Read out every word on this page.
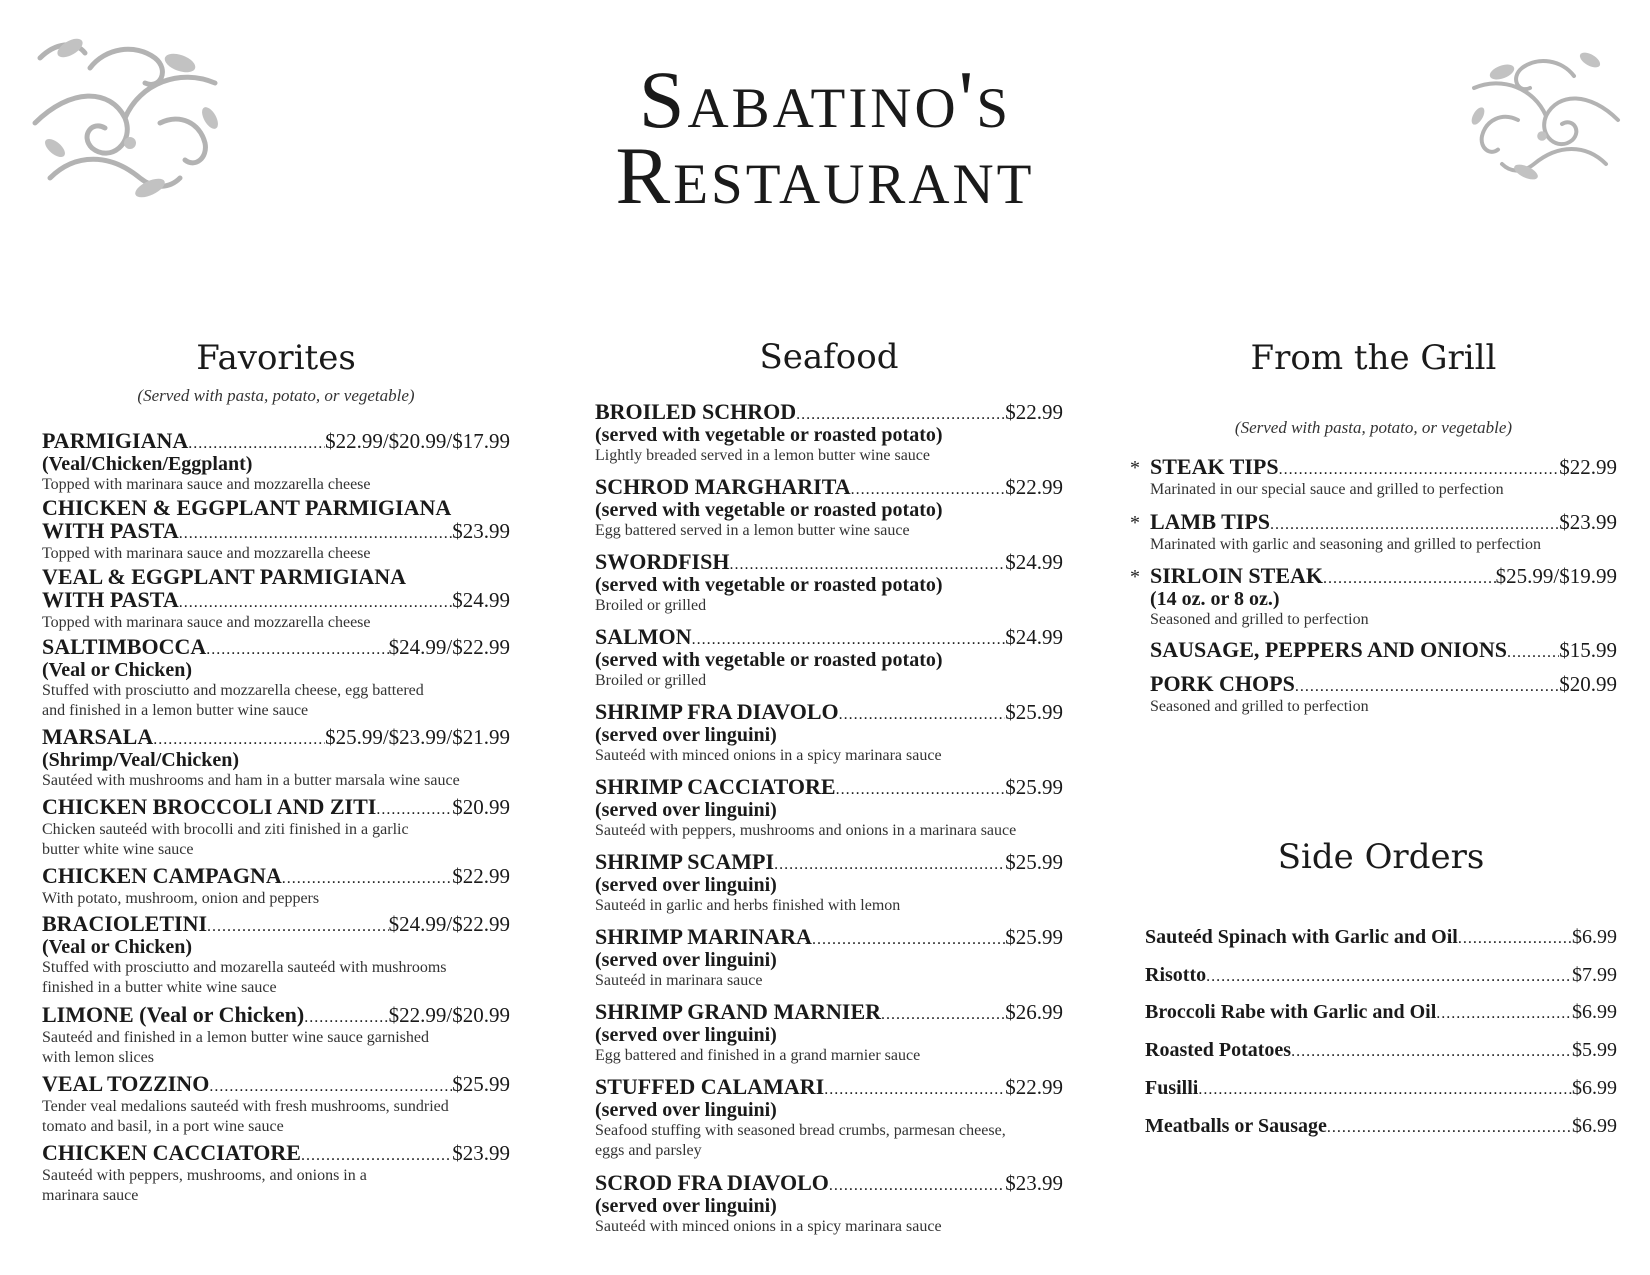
Sabatino's
Restaurant
Favorites
(Served with pasta, potato, or vegetable)
PARMIGIANA .....	$22.99/$20.99/$17.99
(Veal/Chicken/Eggplant)
Topped with marinara sauce and mozzarella cheese
CHICKEN & EGGPLANT PARMIGIANA
WITH PASTA .....	$23.99
Topped with marinara sauce and mozzarella cheese
VEAL & EGGPLANT PARMIGIANA
WITH PASTA .....	$24.99
Topped with marinara sauce and mozzarella cheese
SALTIMBOCCA .....	$24.99/$22.99
(Veal or Chicken)
Stuffed with prosciutto and mozzarella cheese, egg battered
and finished in a lemon butter wine sauce
MARSALA .....	$25.99/$23.99/$21.99
(Shrimp/Veal/Chicken)
Sautéed with mushrooms and ham in a butter marsala wine sauce
CHICKEN BROCCOLI AND ZITI .....	$20.99
Chicken sauteéd with brocolli and ziti finished in a garlic
butter white wine sauce
CHICKEN CAMPAGNA .....	$22.99
With potato, mushroom, onion and peppers
BRACIOLETINI .....	$24.99/$22.99
(Veal or Chicken)
Stuffed with prosciutto and mozarella sauteéd with mushrooms
finished in a butter white wine sauce
LIMONE (Veal or Chicken) .....	$22.99/$20.99
Sauteéd and finished in a lemon butter wine sauce garnished
with lemon slices
VEAL TOZZINO .....	$25.99
Tender veal medalions sauteéd with fresh mushrooms, sundried
tomato and basil, in a port wine sauce
CHICKEN CACCIATORE .....	$23.99
Sauteéd with peppers, mushrooms, and onions in a
marinara sauce
Seafood
BROILED SCHROD .....	$22.99
(served with vegetable or roasted potato)
Lightly breaded served in a lemon butter wine sauce
SCHROD MARGHARITA .....	$22.99
(served with vegetable or roasted potato)
Egg battered served in a lemon butter wine sauce
SWORDFISH .....	$24.99
(served with vegetable or roasted potato)
Broiled or grilled
SALMON .....	$24.99
(served with vegetable or roasted potato)
Broiled or grilled
SHRIMP FRA DIAVOLO .....	$25.99
(served over linguini)
Sauteéd with minced onions in a spicy marinara sauce
SHRIMP CACCIATORE .....	$25.99
(served over linguini)
Sauteéd with peppers, mushrooms and onions in a marinara sauce
SHRIMP SCAMPI .....	$25.99
(served over linguini)
Sauteéd in garlic and herbs finished with lemon
SHRIMP MARINARA .....	$25.99
(served over linguini)
Sauteéd in marinara sauce
SHRIMP GRAND MARNIER .....	$26.99
(served over linguini)
Egg battered and finished in a grand marnier sauce
STUFFED CALAMARI .....	$22.99
(served over linguini)
Seafood stuffing with seasoned bread crumbs, parmesan cheese,
eggs and parsley
SCROD FRA DIAVOLO .....	$23.99
(served over linguini)
Sauteéd with minced onions in a spicy marinara sauce
From the Grill
(Served with pasta, potato, or vegetable)
* STEAK TIPS .....	$22.99
Marinated in our special sauce and grilled to perfection
* LAMB TIPS .....	$23.99
Marinated with garlic and seasoning and grilled to perfection
* SIRLOIN STEAK .....	$25.99/$19.99
(14 oz. or 8 oz.)
Seasoned and grilled to perfection
SAUSAGE, PEPPERS AND ONIONS ..... $15.99
PORK CHOPS .....	$20.99
Seasoned and grilled to perfection
Side Orders
Sauteéd Spinach with Garlic and Oil .....	$6.99
Risotto .....	$7.99
Broccoli Rabe with Garlic and Oil .....	$6.99
Roasted Potatoes .....	$5.99
Fusilli .....	$6.99
Meatballs or Sausage .....	$6.99
